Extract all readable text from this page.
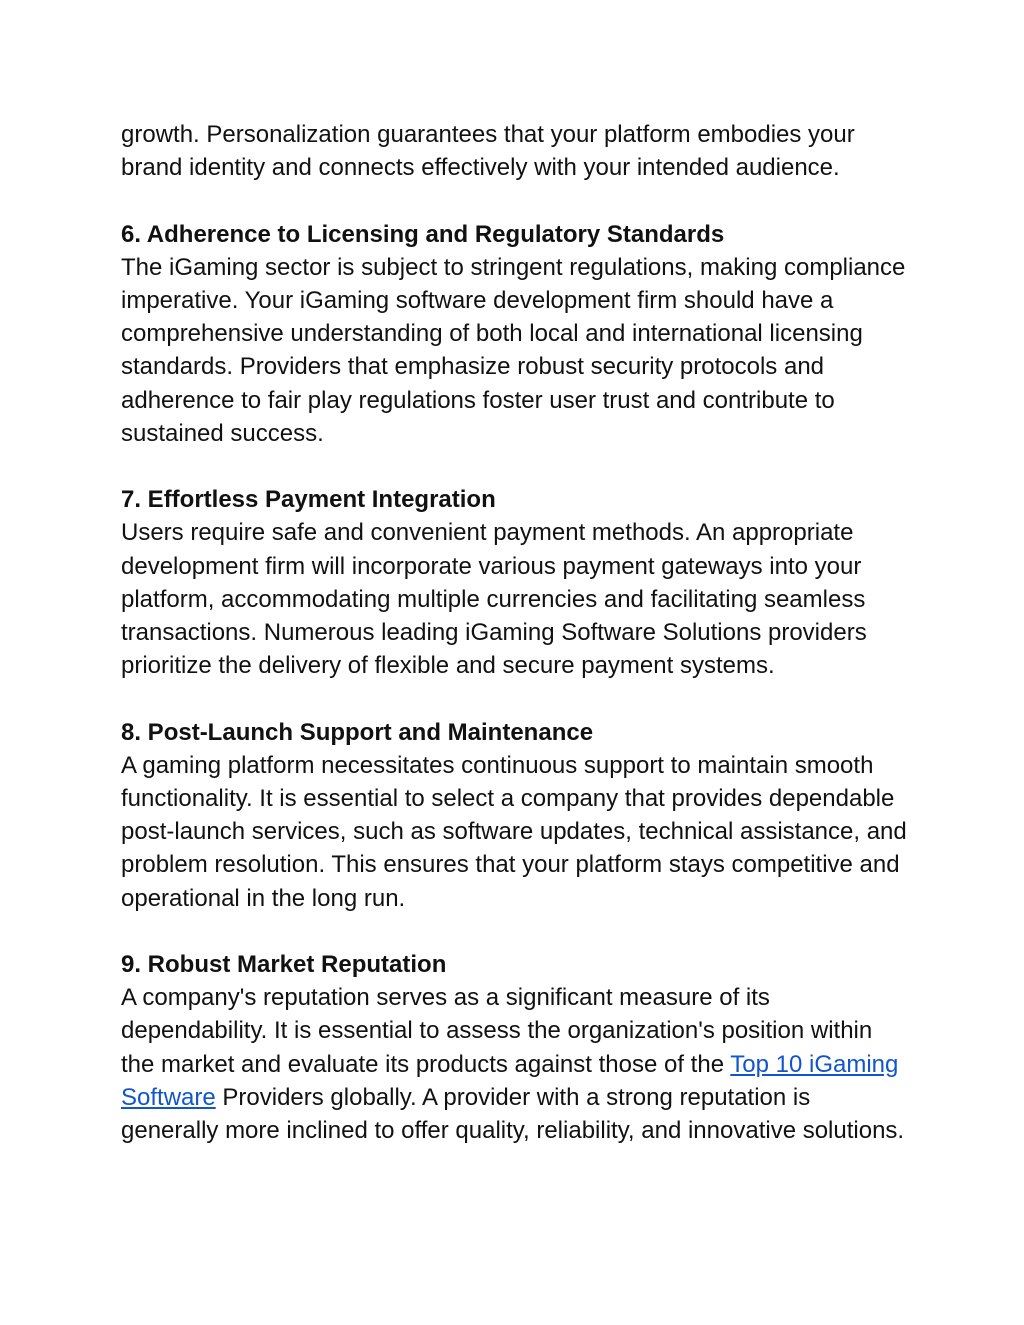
growth. Personalization guarantees that your platform embodies your brand identity and connects effectively with your intended audience.

6. Adherence to Licensing and Regulatory Standards
The iGaming sector is subject to stringent regulations, making compliance imperative. Your iGaming software development firm should have a comprehensive understanding of both local and international licensing standards. Providers that emphasize robust security protocols and adherence to fair play regulations foster user trust and contribute to sustained success.

7. Effortless Payment Integration
Users require safe and convenient payment methods. An appropriate development firm will incorporate various payment gateways into your platform, accommodating multiple currencies and facilitating seamless transactions. Numerous leading iGaming Software Solutions providers prioritize the delivery of flexible and secure payment systems.

8. Post-Launch Support and Maintenance
A gaming platform necessitates continuous support to maintain smooth functionality. It is essential to select a company that provides dependable post-launch services, such as software updates, technical assistance, and problem resolution. This ensures that your platform stays competitive and operational in the long run.

9. Robust Market Reputation
A company's reputation serves as a significant measure of its dependability. It is essential to assess the organization's position within the market and evaluate its products against those of the Top 10 iGaming Software Providers globally. A provider with a strong reputation is generally more inclined to offer quality, reliability, and innovative solutions.
